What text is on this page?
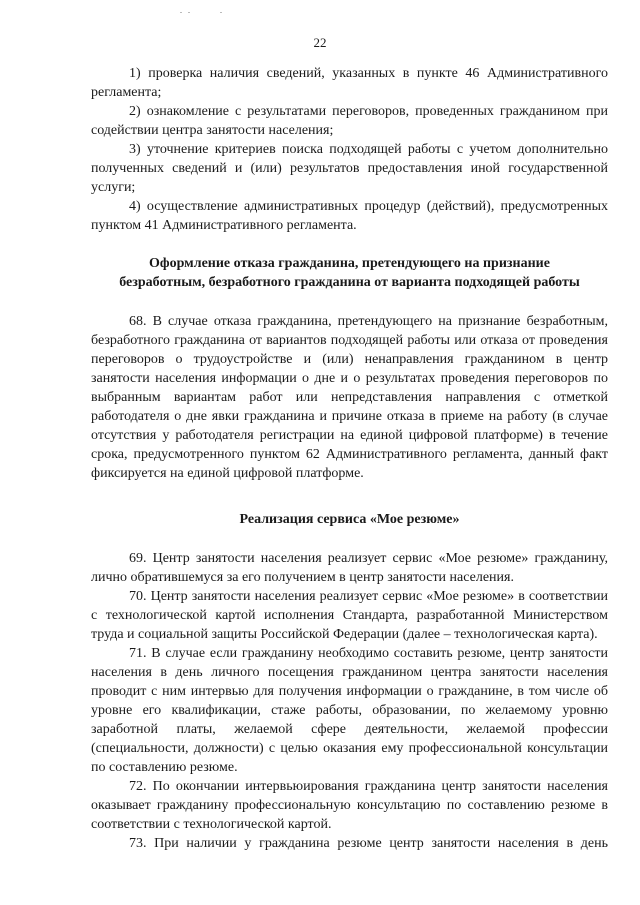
22

1) проверка наличия сведений, указанных в пункте 46 Административного регламента;

2) ознакомление с результатами переговоров, проведенных гражданином при содействии центра занятости населения;

3) уточнение критериев поиска подходящей работы с учетом дополнительно полученных сведений и (или) результатов предоставления иной государственной услуги;

4) осуществление административных процедур (действий), предусмотренных пунктом 41 Административного регламента.

Оформление отказа гражданина, претендующего на признание
безработным, безработного гражданина от варианта подходящей работы

68. В случае отказа гражданина, претендующего на признание безработным, безработного гражданина от вариантов подходящей работы или отказа от проведения переговоров о трудоустройстве и (или) ненаправления гражданином в центр занятости населения информации о дне и о результатах проведения переговоров по выбранным вариантам работ или непредставления направления с отметкой работодателя о дне явки гражданина и причине отказа в приеме на работу (в случае отсутствия у работодателя регистрации на единой цифровой платформе) в течение срока, предусмотренного пунктом 62 Административного регламента, данный факт фиксируется на единой цифровой платформе.

Реализация сервиса «Мое резюме»

69. Центр занятости населения реализует сервис «Мое резюме» гражданину, лично обратившемуся за его получением в центр занятости населения.

70. Центр занятости населения реализует сервис «Мое резюме» в соответствии с технологической картой исполнения Стандарта, разработанной Министерством труда и социальной защиты Российской Федерации (далее – технологическая карта).

71. В случае если гражданину необходимо составить резюме, центр занятости населения в день личного посещения гражданином центра занятости населения проводит с ним интервью для получения информации о гражданине, в том числе об уровне его квалификации, стаже работы, образовании, по желаемому уровню заработной платы, желаемой сфере деятельности, желаемой профессии (специальности, должности) с целью оказания ему профессиональной консультации по составлению резюме.

72. По окончании интервьюирования гражданина центр занятости населения оказывает гражданину профессиональную консультацию по составлению резюме в соответствии с технологической картой.

73. При наличии у гражданина резюме центр занятости населения в день
